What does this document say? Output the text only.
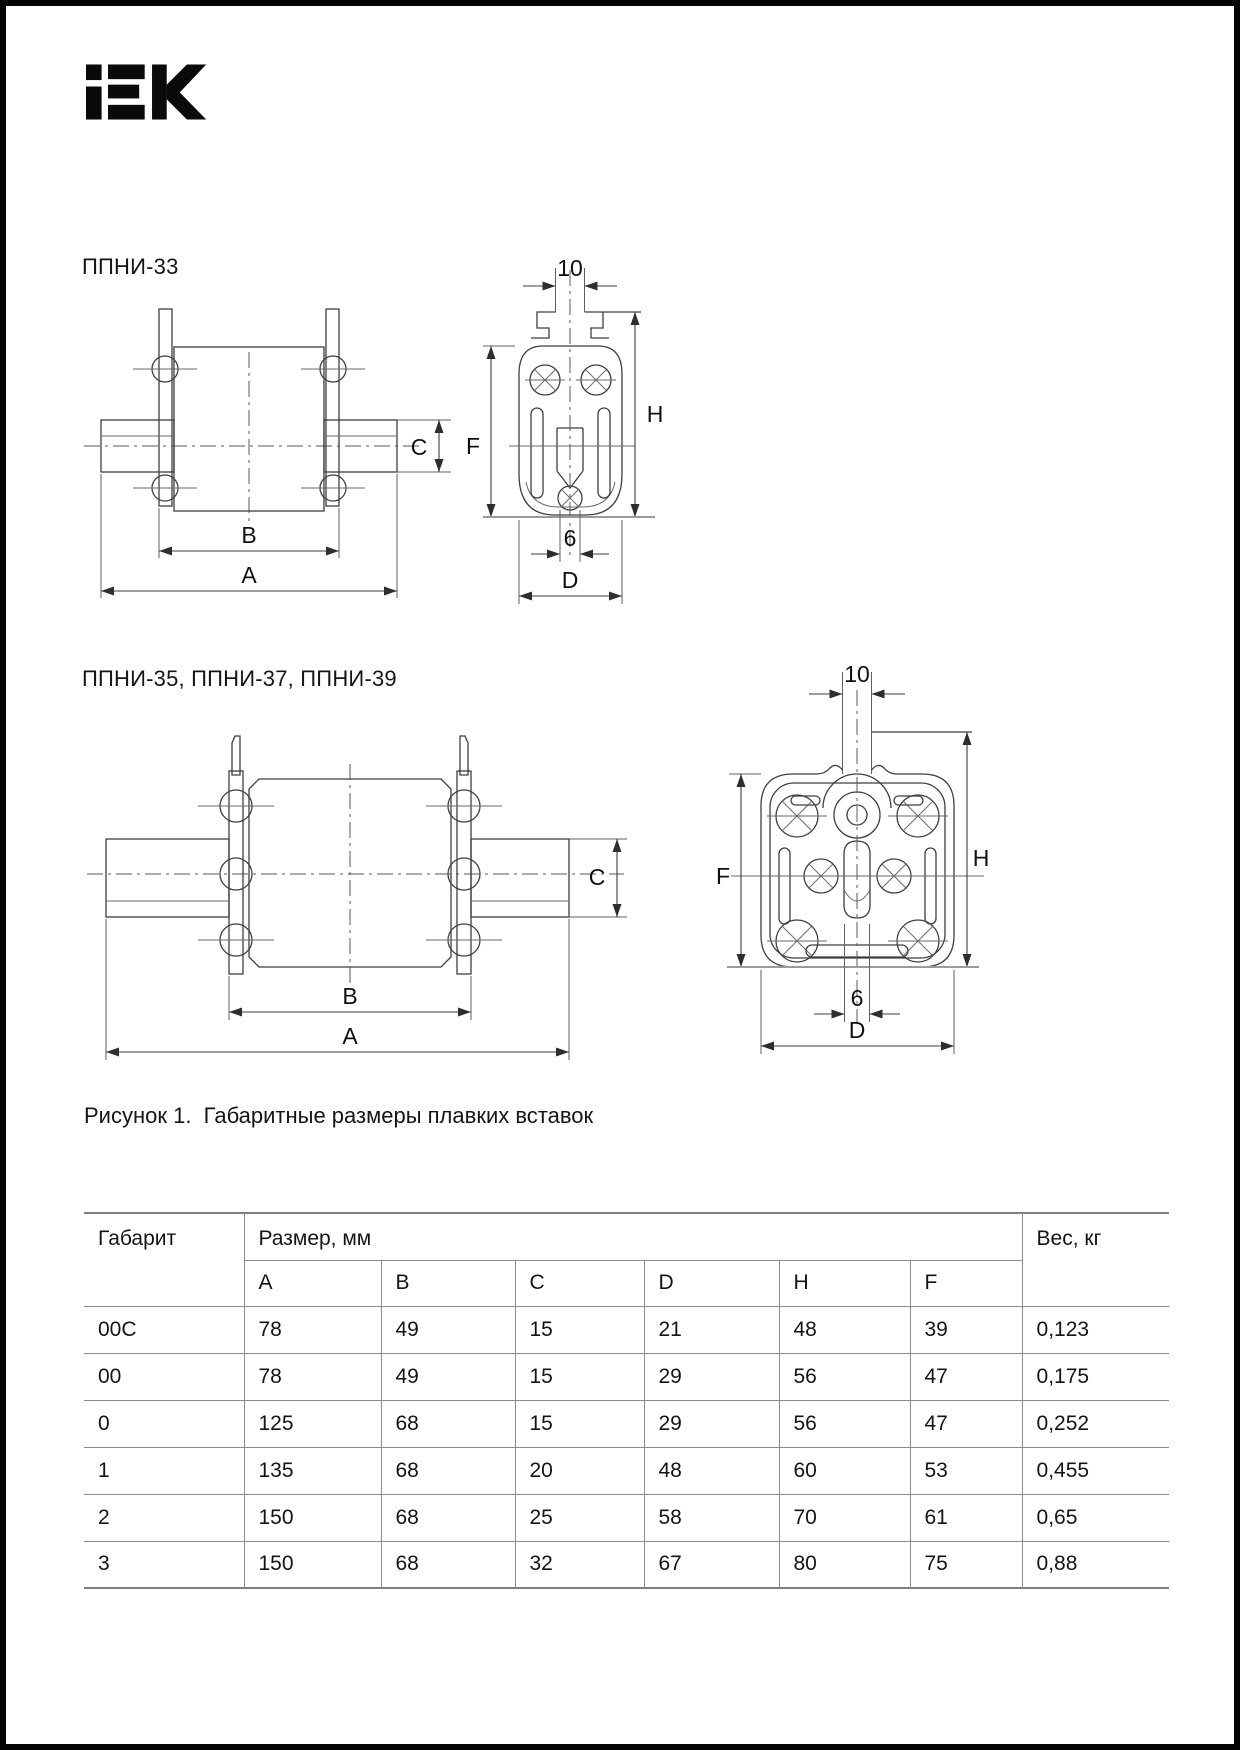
ППНИ-33
C
B
A
10
F
H
6
D
ППНИ-35, ППНИ-37, ППНИ-39
C
B
A
10
F
H
6
D
Рисунок 1.  Габаритные размеры плавких вставок
Габарит	Размер, мм						Вес, кг
	A	B	C	D	H	F	
00C	78	49	15	21	48	39	0,123
00	78	49	15	29	56	47	0,175
0	125	68	15	29	56	47	0,252
1	135	68	20	48	60	53	0,455
2	150	68	25	58	70	61	0,65
3	150	68	32	67	80	75	0,88
